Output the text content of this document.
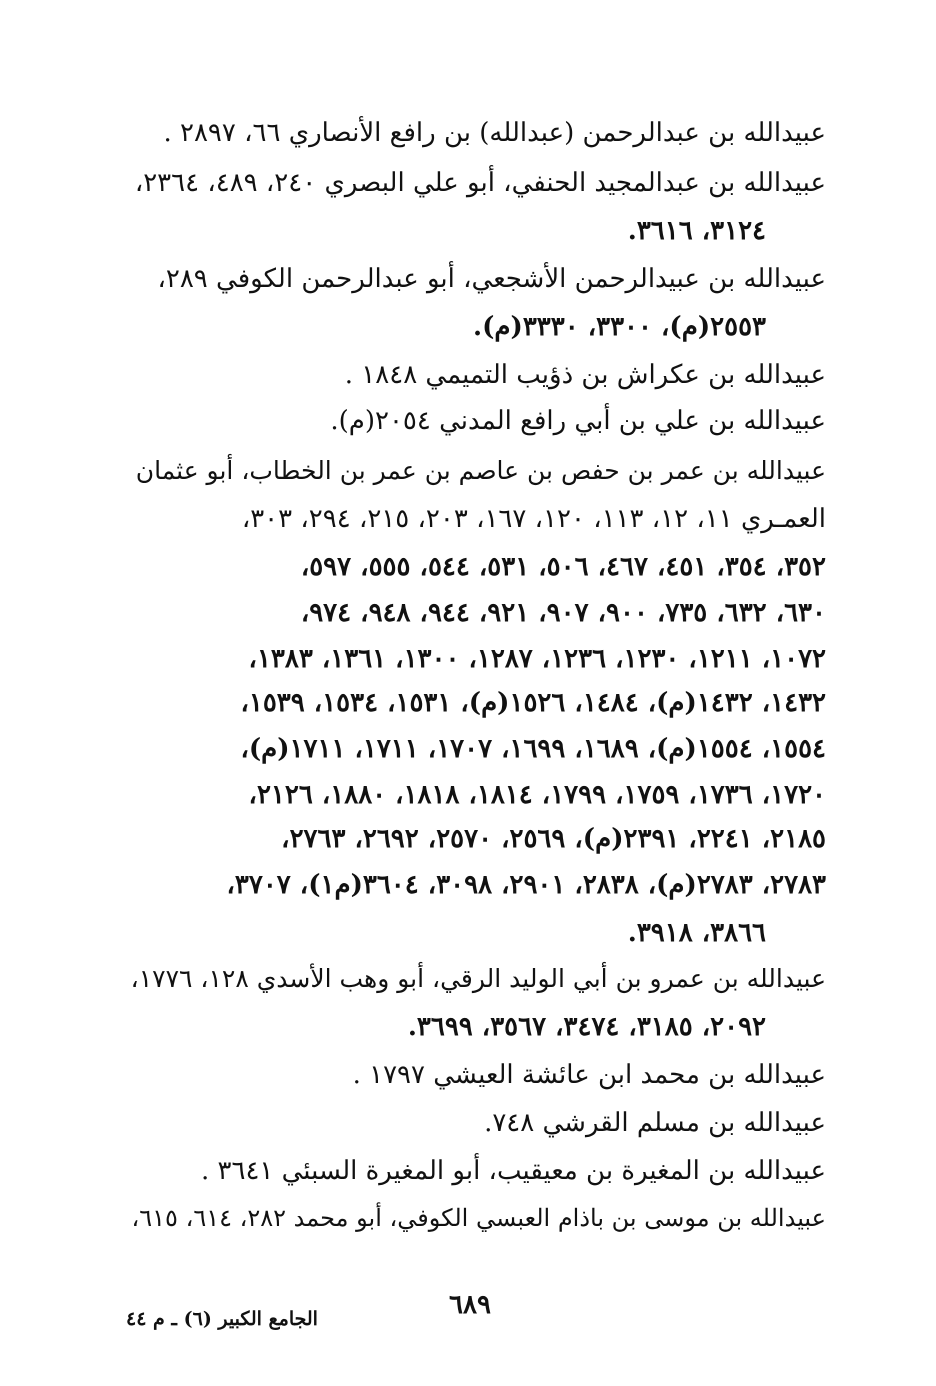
عبيدالله بن عبدالرحمن (عبدالله) بن رافع الأنصاري ٦٦، ٢٨٩٧ .
عبيدالله بن عبدالمجيد الحنفي، أبو علي البصري ٢٤٠، ٤٨٩، ٢٣٦٤،
٣١٢٤، ٣٦١٦.
عبيدالله بن عبيدالرحمن الأشجعي، أبو عبدالرحمن الكوفي ٢٨٩،
٢٥٥٣(م)، ٣٣٠٠، ٣٣٣٠(م).
عبيدالله بن عكراش بن ذؤيب التميمي ١٨٤٨ .
عبيدالله بن علي بن أبي رافع المدني ٢٠٥٤(م).
عبيدالله بن عمر بن حفص بن عاصم بن عمر بن الخطاب، أبو عثمان
العمـري ١١، ١٢، ١١٣، ١٢٠، ١٦٧، ٢٠٣، ٢١٥، ٢٩٤، ٣٠٣،
٣٥٢، ٣٥٤، ٤٥١، ٤٦٧، ٥٠٦، ٥٣١، ٥٤٤، ٥٥٥، ٥٩٧،
٦٣٠، ٦٣٢، ٧٣٥، ٩٠٠، ٩٠٧، ٩٢١، ٩٤٤، ٩٤٨، ٩٧٤،
١٠٧٢، ١٢١١، ١٢٣٠، ١٢٣٦، ١٢٨٧، ١٣٠٠، ١٣٦١، ١٣٨٣،
١٤٣٢، ١٤٣٢(م)، ١٤٨٤، ١٥٢٦(م)، ١٥٣١، ١٥٣٤، ١٥٣٩،
١٥٥٤، ١٥٥٤(م)، ١٦٨٩، ١٦٩٩، ١٧٠٧، ١٧١١، ١٧١١(م)،
١٧٢٠، ١٧٣٦، ١٧٥٩، ١٧٩٩، ١٨١٤، ١٨١٨، ١٨٨٠، ٢١٢٦،
٢١٨٥، ٢٢٤١، ٢٣٩١(م)، ٢٥٦٩، ٢٥٧٠، ٢٦٩٢، ٢٧٦٣،
٢٧٨٣، ٢٧٨٣(م)، ٢٨٣٨، ٢٩٠١، ٣٠٩٨، ٣٦٠٤(م١)، ٣٧٠٧،
٣٨٦٦، ٣٩١٨.
عبيدالله بن عمرو بن أبي الوليد الرقي، أبو وهب الأسدي ١٢٨، ١٧٧٦،
٢٠٩٢، ٣١٨٥، ٣٤٧٤، ٣٥٦٧، ٣٦٩٩.
عبيدالله بن محمد ابن عائشة العيشي ١٧٩٧ .
عبيدالله بن مسلم القرشي ٧٤٨.
عبيدالله بن المغيرة بن معيقيب، أبو المغيرة السبئي ٣٦٤١ .
عبيدالله بن موسى بن باذام العبسي الكوفي، أبو محمد ٢٨٢، ٦١٤، ٦١٥،
٦٨٩
الجامع الكبير (٦) ـ م ٤٤
